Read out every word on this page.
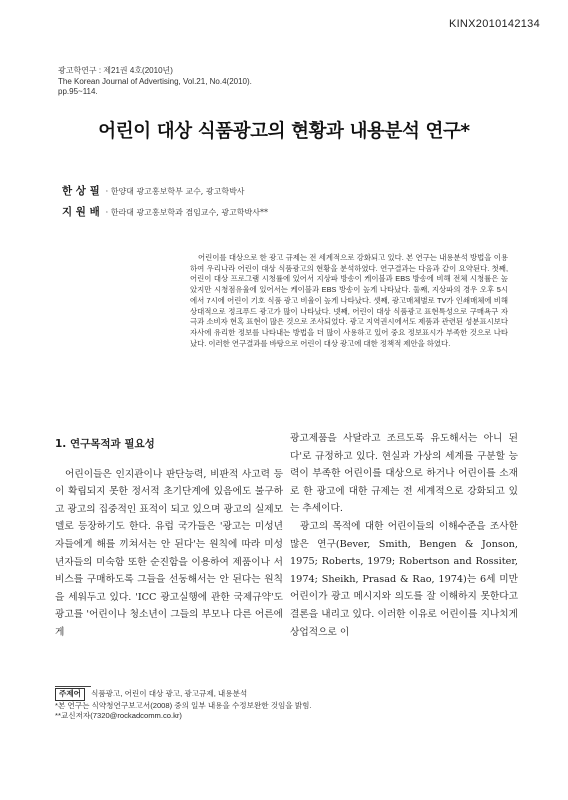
KINX2010142134
광고학연구 : 제21권 4호(2010년)
The Korean Journal of Advertising, Vol.21, No.4(2010).
pp.95~114.
어린이 대상 식품광고의 현황과 내용분석 연구*
한 상 필 · 한양대 광고홍보학부 교수, 광고학박사
지 원 배 · 한라대 광고홍보학과 겸임교수, 광고학박사**

어린이를 대상으로 한 광고 규제는 전 세계적으로 강화되고 있다. 본 연구는 내용분석 방법을 이용하여 우리나라 어린이 대상 식품광고의 현황을 분석하였다. 연구결과는 다음과 같이 요약된다. 첫째, 어린이 대상 프로그램 시청률에 있어서 지상파 방송이 케이블과 EBS 방송에 비해 전체 시청률은 높았지만 시청점유율에 있어서는 케이블과 EBS 방송이 높게 나타났다. 둘째, 지상파의 경우 오후 5시에서 7시에 어린이 기호 식품 광고 비율이 높게 나타났다. 셋째, 광고매체별로 TV가 인쇄매체에 비해 상대적으로 정크푸드 광고가 많이 나타났다. 넷째, 어린이 대상 식품광고 표현특성으로 구매욕구 자극과 소비자 현혹 표현이 많은 것으로 조사되었다. 광고 지역권시에서도 제품과 관련된 성분표시보다 자사에 유리한 정보를 나타내는 방법을 더 많이 사용하고 있어 중요 정보표시가 부족한 것으로 나타났다. 이러한 연구결과를 바탕으로 어린이 대상 광고에 대한 정책적 제안을 하였다.

1. 연구목적과 필요성

어린이들은 인지관이나 판단능력, 비판적 사고력 등이 확립되지 못한 정서적 초기단계에 있음에도 불구하고 광고의 집중적인 표적이 되고 있으며 광고의 실제모델로 등장하기도 한다. 유럽 국가들은 '광고는 미성년자들에게 해를 끼쳐서는 안 된다'는 원칙에 따라 미성년자들의 미숙함 또한 순진함을 이용하여 제품이나 서비스를 구매하도록 그들을 선동해서는 안 된다는 원칙을 세워두고 있다. 'ICC 광고실행에 관한 국제규약'도 광고를 '어린이나 청소년이 그들의 부모나 다른 어른에게

광고제품을 사달라고 조르도록 유도해서는 아니 된다'로 규정하고 있다. 현실과 가상의 세계를 구분할 능력이 부족한 어린이를 대상으로 하거나 어린이를 소재로 한 광고에 대한 규제는 전 세계적으로 강화되고 있는 추세이다.

광고의 목적에 대한 어린이들의 이해수준을 조사한 많은 연구(Bever, Smith, Bengen & Jonson, 1975; Roberts, 1979; Robertson and Rossiter, 1974; Sheikh, Prasad & Rao, 1974)는 6세 미만 어린이가 광고 메시지와 의도를 잘 이해하지 못한다고 결론을 내리고 있다. 이러한 이유로 어린이를 지나치게 상업적으로 이

주제어	식품광고, 어린이 대상 광고, 광고규제, 내용분석
*본 연구는 식약청연구보고서(2008) 중의 일부 내용을 수정보완한 것임을 밝힘.
**교신저자(7320@rockadcomm.co.kr)
